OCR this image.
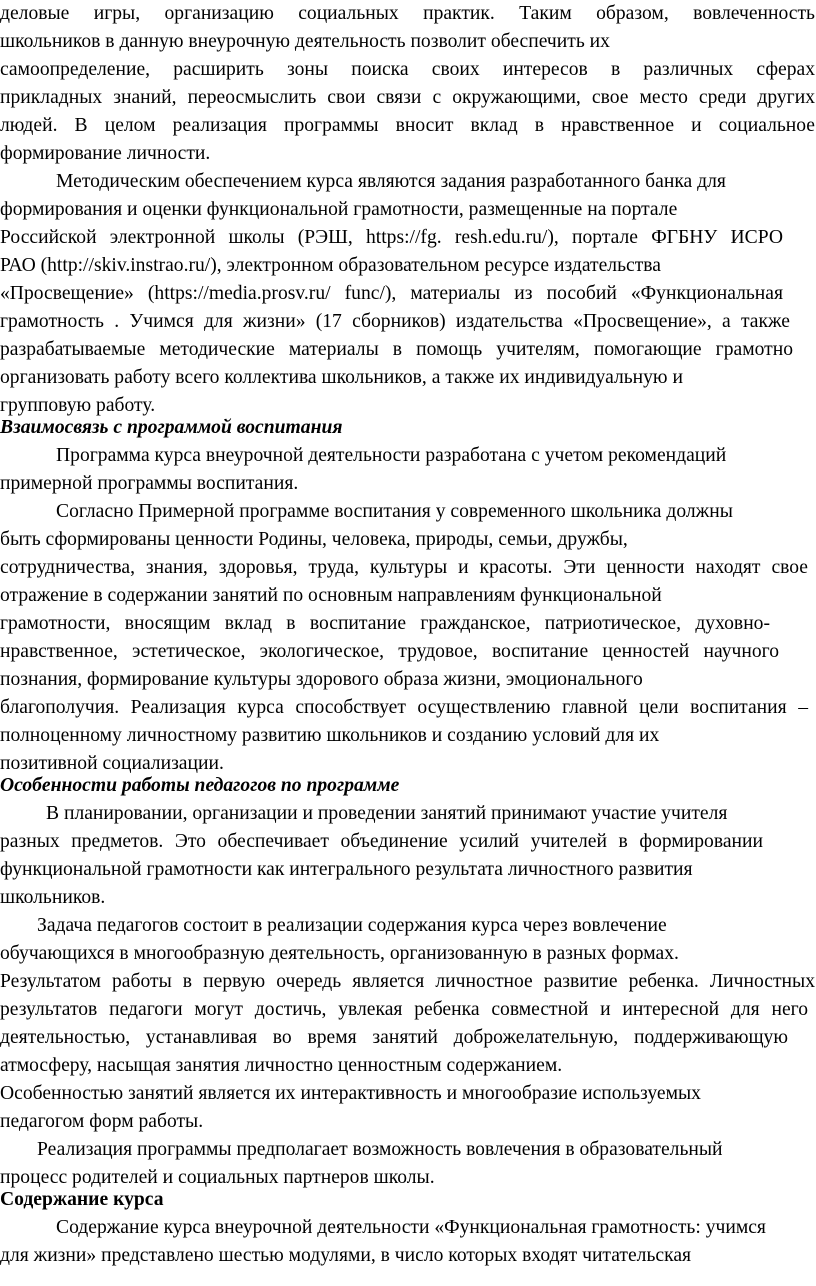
деловые игры, организацию социальных практик. Таким образом, вовлеченность
школьников в данную внеурочную деятельность позволит обеспечить их
самоопределение, расширить зоны поиска своих интересов в различных сферах
прикладных знаний, переосмыслить свои связи с окружающими, свое место среди других
людей. В целом реализация программы вносит вклад в нравственное и социальное
формирование личности.
Методическим обеспечением курса являются задания разработанного банка для
формирования и оценки функциональной грамотности, размещенные на портале
Российской электронной школы (РЭШ, https://fg. resh.edu.ru/), портале ФГБНУ ИСРО
РАО (http://skiv.instrao.ru/), электронном образовательном ресурсе издательства
«Просвещение» (https://media.prosv.ru/ func/), материалы из пособий «Функциональная
грамотность . Учимся для жизни» (17 сборников) издательства «Просвещение», а также
разрабатываемые методические материалы в помощь учителям, помогающие грамотно
организовать работу всего коллектива школьников, а также их индивидуальную и
групповую работу.
Взаимосвязь с программой воспитания
Программа курса внеурочной деятельности разработана с учетом рекомендаций
примерной программы воспитания.
Согласно Примерной программе воспитания у современного школьника должны
быть сформированы ценности Родины, человека, природы, семьи, дружбы,
сотрудничества, знания, здоровья, труда, культуры и красоты. Эти ценности находят свое
отражение в содержании занятий по основным направлениям функциональной
грамотности, вносящим вклад в воспитание гражданское, патриотическое, духовно-
нравственное, эстетическое, экологическое, трудовое, воспитание ценностей научного
познания, формирование культуры здорового образа жизни, эмоционального
благополучия. Реализация курса способствует осуществлению главной цели воспитания –
полноценному личностному развитию школьников и созданию условий для их
позитивной социализации.
Особенности работы педагогов по программе
В планировании, организации и проведении занятий принимают участие учителя
разных предметов. Это обеспечивает объединение усилий учителей в формировании
функциональной грамотности как интегрального результата личностного развития
школьников.
Задача педагогов состоит в реализации содержания курса через вовлечение
обучающихся в многообразную деятельность, организованную в разных формах.
Результатом работы в первую очередь является личностное развитие ребенка. Личностных
результатов педагоги могут достичь, увлекая ребенка совместной и интересной для него
деятельностью, устанавливая во время занятий доброжелательную, поддерживающую
атмосферу, насыщая занятия личностно ценностным содержанием.
Особенностью занятий является их интерактивность и многообразие используемых
педагогом форм работы.
Реализация программы предполагает возможность вовлечения в образовательный
процесс родителей и социальных партнеров школы.
Содержание курса
Содержание курса внеурочной деятельности «Функциональная грамотность: учимся
для жизни» представлено шестью модулями, в число которых входят читательская
